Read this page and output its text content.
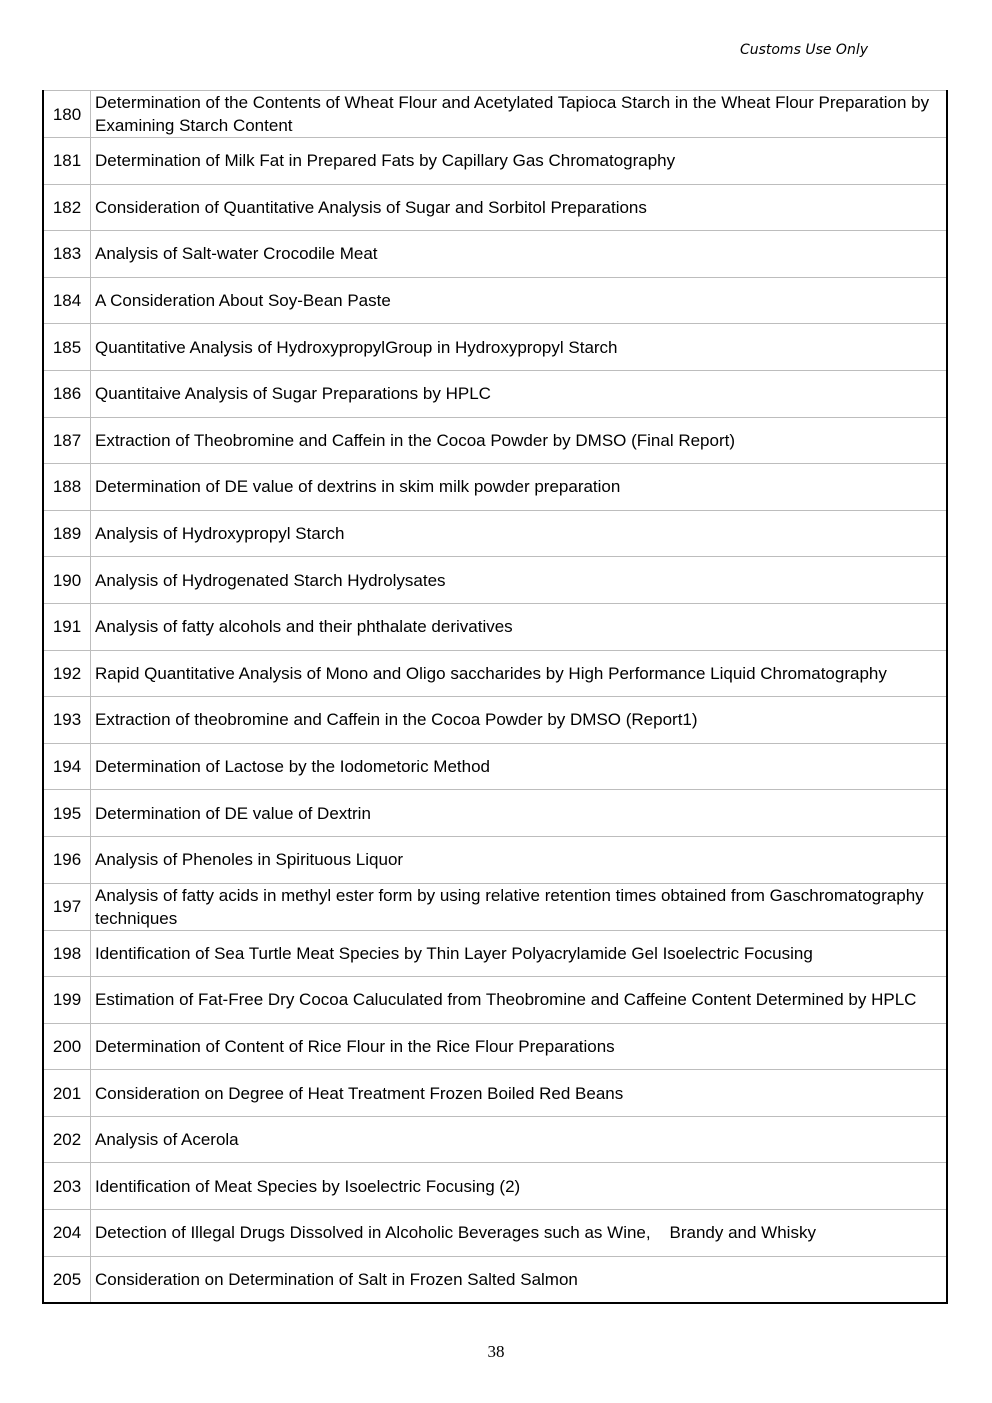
Customs Use Only
180	Determination of the Contents of Wheat Flour and Acetylated Tapioca Starch in the Wheat Flour Preparation by Examining Starch Content
181	Determination of Milk Fat in Prepared Fats by Capillary Gas Chromatography
182	Consideration of Quantitative Analysis of Sugar and Sorbitol Preparations
183	Analysis of Salt-water Crocodile Meat
184	A Consideration About Soy-Bean Paste
185	Quantitative Analysis of HydroxypropylGroup in Hydroxypropyl Starch
186	Quantitaive Analysis of Sugar Preparations by HPLC
187	Extraction of Theobromine and Caffein in the Cocoa Powder by DMSO (Final Report)
188	Determination of DE value of dextrins in skim milk powder preparation
189	Analysis of Hydroxypropyl Starch
190	Analysis of Hydrogenated Starch Hydrolysates
191	Analysis of fatty alcohols and their phthalate derivatives
192	Rapid Quantitative Analysis of Mono and Oligo saccharides by High Performance Liquid Chromatography
193	Extraction of theobromine and Caffein in the Cocoa Powder by DMSO (Report1)
194	Determination of Lactose by the Iodometoric Method
195	Determination of DE value of Dextrin
196	Analysis of Phenoles in Spirituous Liquor
197	Analysis of fatty acids in methyl ester form by using relative retention times obtained from Gaschromatography techniques
198	Identification of Sea Turtle Meat Species by Thin Layer Polyacrylamide Gel Isoelectric Focusing
199	Estimation of Fat-Free Dry Cocoa Caluculated from Theobromine and Caffeine Content Determined by HPLC
200	Determination of Content of Rice Flour in the Rice Flour Preparations
201	Consideration on Degree of Heat Treatment Frozen Boiled Red Beans
202	Analysis of Acerola
203	Identification of Meat Species by Isoelectric Focusing (2)
204	Detection of Illegal Drugs Dissolved in Alcoholic Beverages such as Wine,    Brandy and Whisky
205	Consideration on Determination of Salt in Frozen Salted Salmon
38
